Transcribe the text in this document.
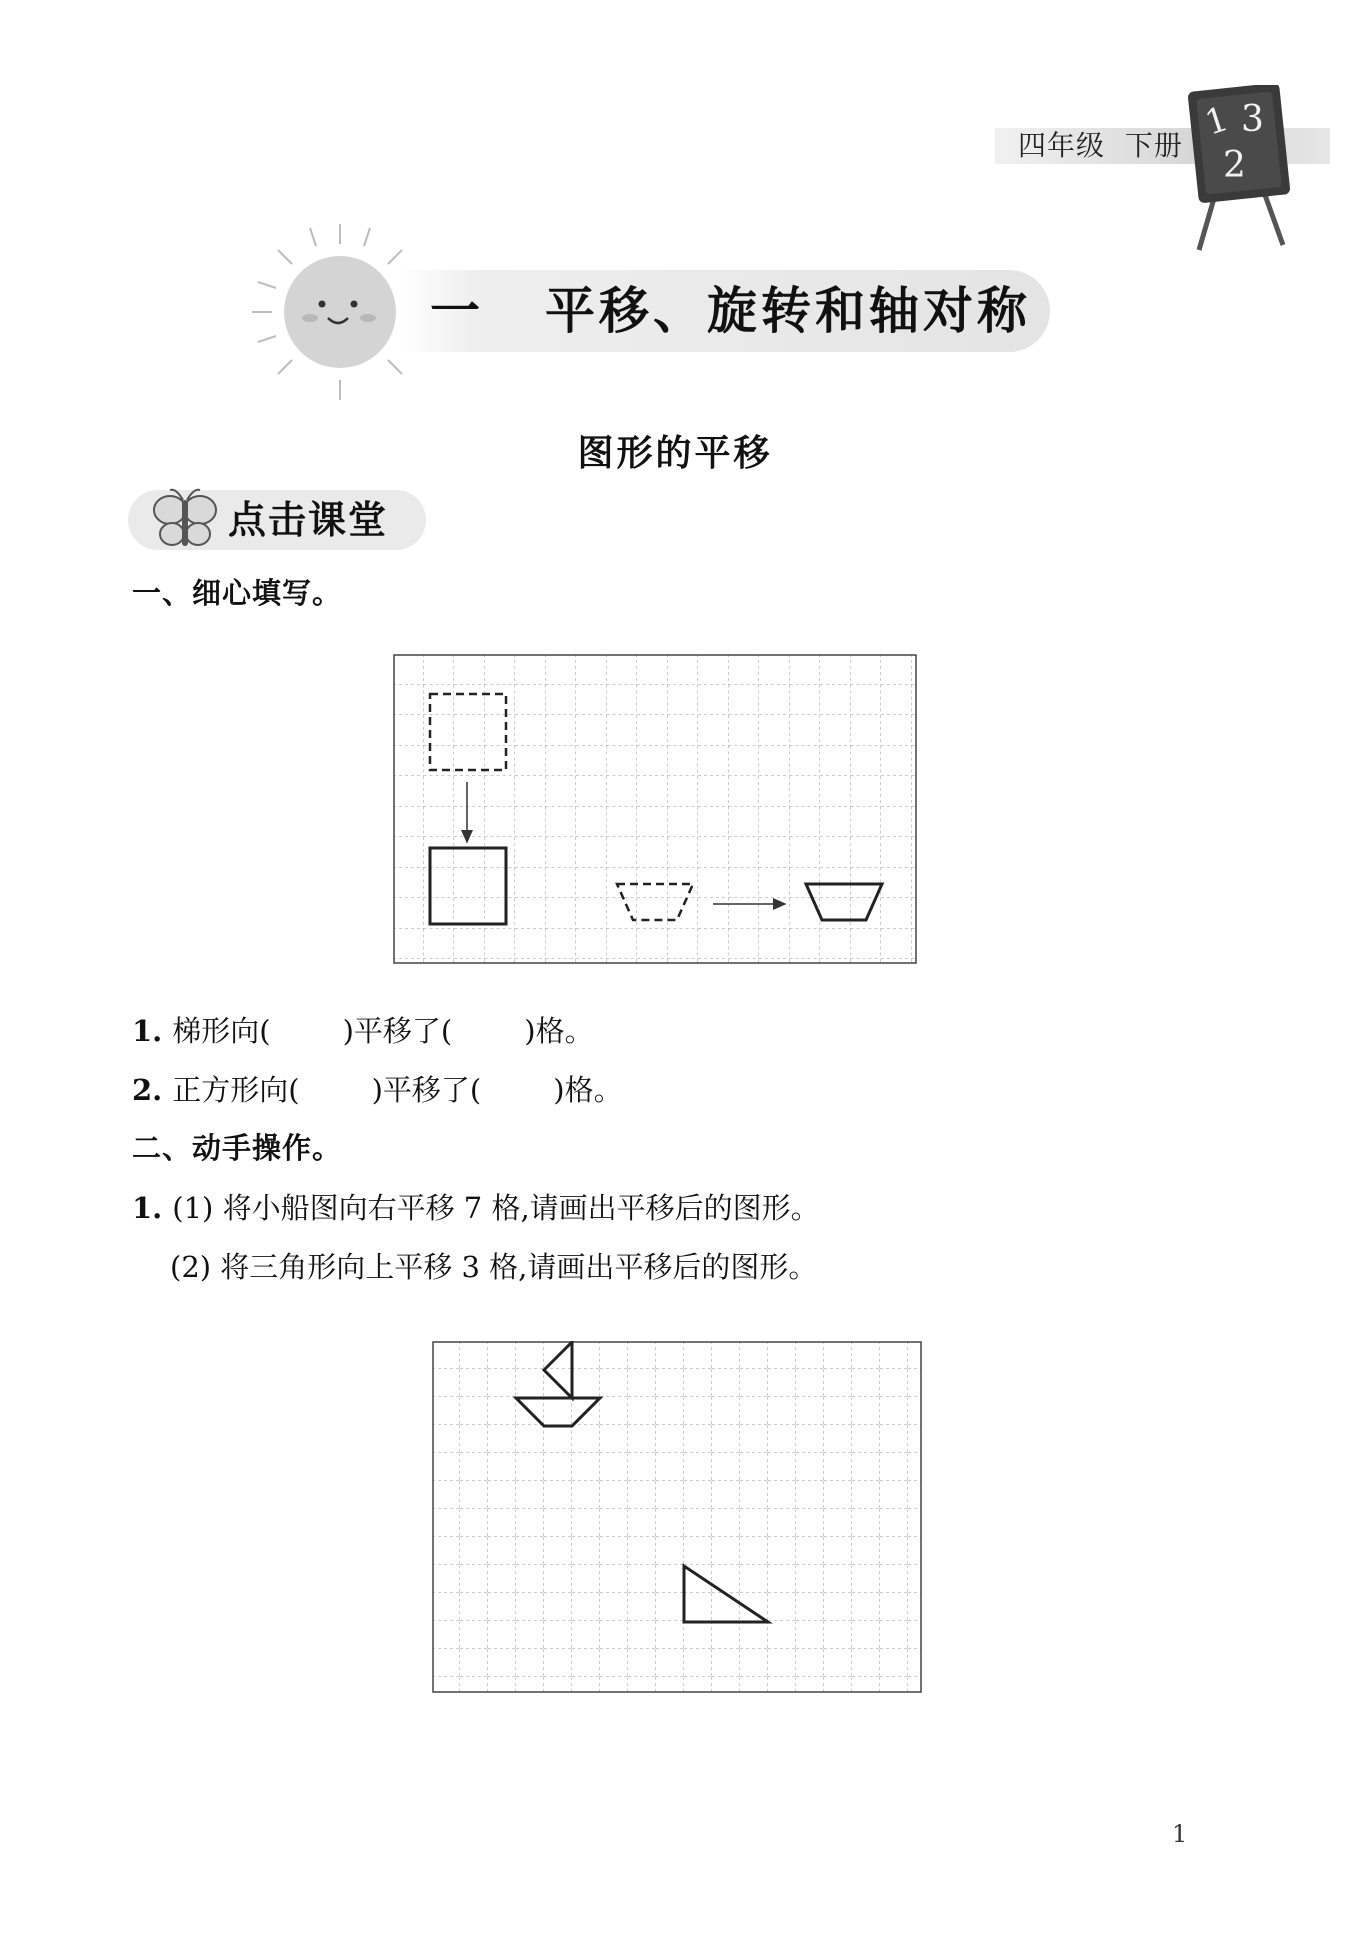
四年级 下册
1 3
2
一 平移、旋转和轴对称
图形的平移
点击课堂
一、细心填写。
1. 梯形向( )平移了( )格。
2. 正方形向( )平移了( )格。
二、动手操作。
1. (1) 将小船图向右平移 7 格,请画出平移后的图形。
(2) 将三角形向上平移 3 格,请画出平移后的图形。
1
